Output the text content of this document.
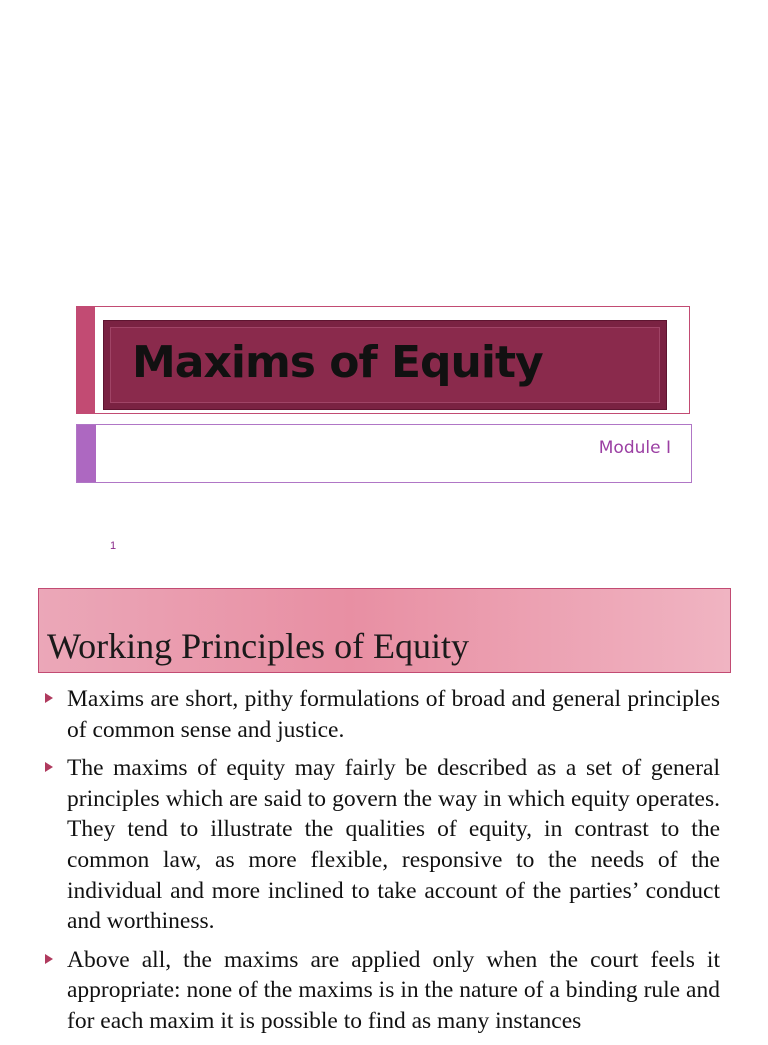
Maxims of Equity
Module I
1
Working Principles of Equity
Maxims are short, pithy formulations of broad and general principles of common sense and justice.
The maxims of equity may fairly be described as a set of general principles which are said to govern the way in which equity operates. They tend to illustrate the qualities of equity, in contrast to the common law, as more flexible, responsive to the needs of the individual and more inclined to take account of the parties’ conduct and worthiness.
Above all, the maxims are applied only when the court feels it appropriate: none of the maxims is in the nature of a binding rule and for each maxim it is possible to find as many instances
